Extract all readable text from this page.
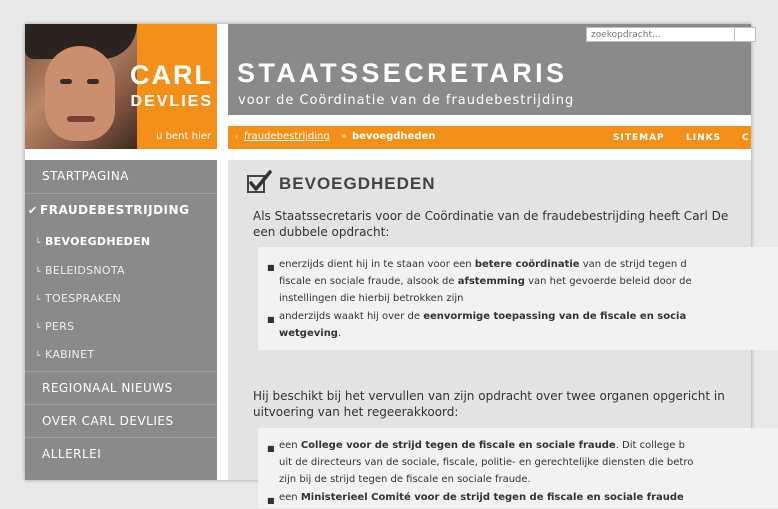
CARL
DEVLIES
u bent hier
zoekopdracht...
STAATSSECRETARIS
voor de Coördinatie van de fraudebestrijding
‹ fraudebestrijding » bevoegdheden	SITEMAP LINKS C
STARTPAGINA
✔ FRAUDEBESTRIJDING
└ BEVOEGDHEDEN
└ BELEIDSNOTA
└ TOESPRAKEN
└ PERS
└ KABINET
REGIONAAL NIEUWS
OVER CARL DEVLIES
ALLERLEI
BEVOEGDHEDEN
Als Staatssecretaris voor de Coördinatie van de fraudebestrijding heeft Carl De
een dubbele opdracht:
■ enerzijds dient hij in te staan voor een betere coördinatie van de strijd tegen d
fiscale en sociale fraude, alsook de afstemming van het gevoerde beleid door de
instellingen die hierbij betrokken zijn
■ anderzijds waakt hij over de eenvormige toepassing van de fiscale en socia
wetgeving.
Hij beschikt bij het vervullen van zijn opdracht over twee organen opgericht in
uitvoering van het regeerakkoord:
■ een College voor de strijd tegen de fiscale en sociale fraude. Dit college b
uit de directeurs van de sociale, fiscale, politie- en gerechtelijke diensten die betro
zijn bij de strijd tegen de fiscale en sociale fraude.
■ een Ministerieel Comité voor de strijd tegen de fiscale en sociale fraude
